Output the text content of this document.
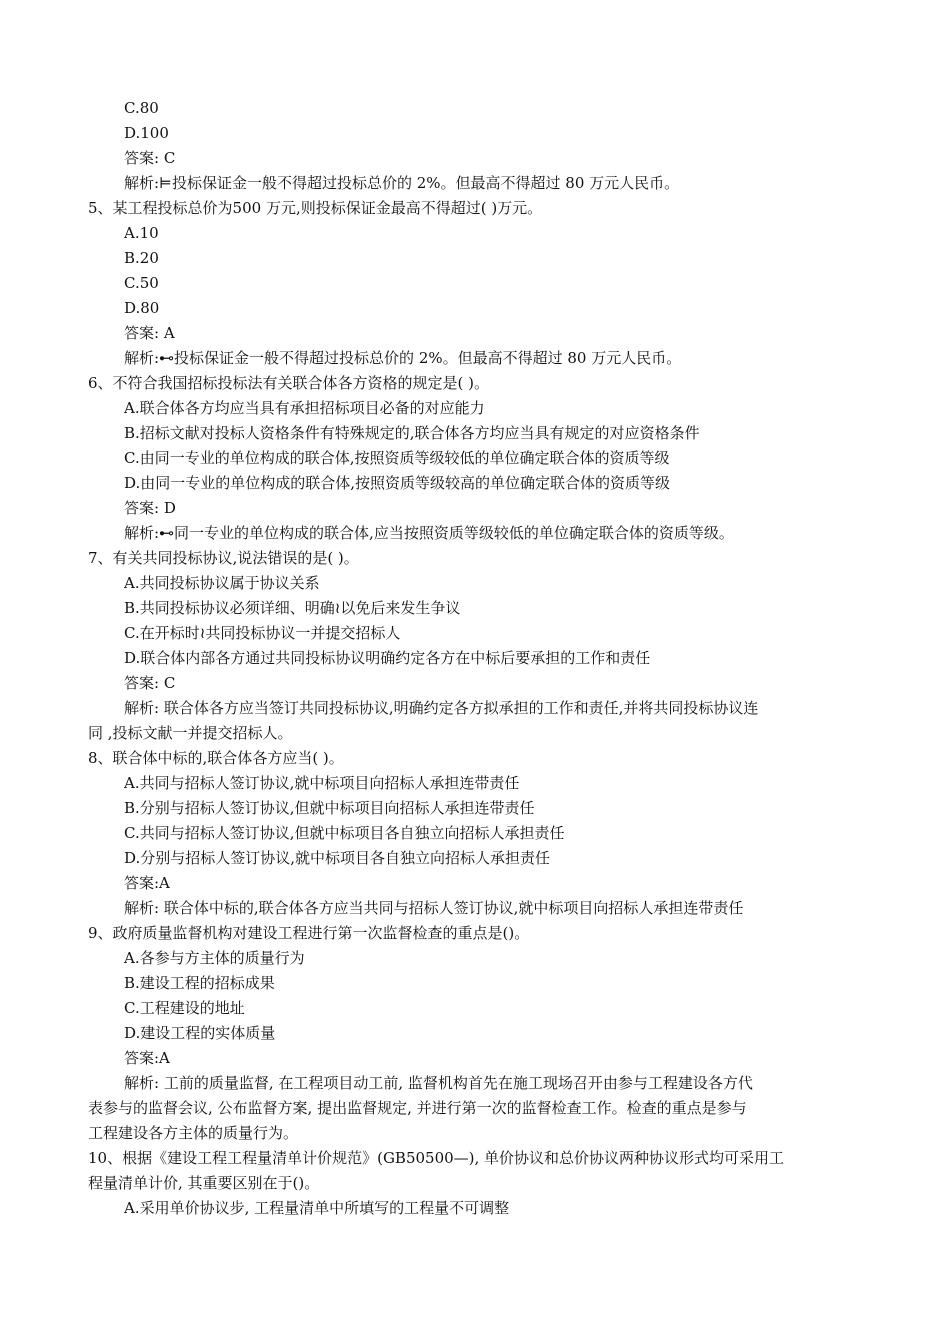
C.80
D.100
答案: C
解析:⊨投标保证金一般不得超过投标总价的 2%。但最高不得超过 80 万元人民币。
5、某工程投标总价为500 万元,则投标保证金最高不得超过( )万元。
A.10
B.20
C.50
D.80
答案: A
解析:⊷投标保证金一般不得超过投标总价的 2%。但最高不得超过 80 万元人民币。
6、不符合我国招标投标法有关联合体各方资格的规定是( )。
A.联合体各方均应当具有承担招标项目必备的对应能力
B.招标文献对投标人资格条件有特殊规定的,联合体各方均应当具有规定的对应资格条件
C.由同一专业的单位构成的联合体,按照资质等级较低的单位确定联合体的资质等级
D.由同一专业的单位构成的联合体,按照资质等级较高的单位确定联合体的资质等级
答案: D
解析:⊷同一专业的单位构成的联合体,应当按照资质等级较低的单位确定联合体的资质等级。
7、有关共同投标协议,说法错误的是( )。
A.共同投标协议属于协议关系
B.共同投标协议必须详细、明确≀以免后来发生争议
C.在开标时≀共同投标协议一并提交招标人
D.联合体内部各方通过共同投标协议明确约定各方在中标后要承担的工作和责任
答案: C
解析: 联合体各方应当签订共同投标协议,明确约定各方拟承担的工作和责任,并将共同投标协议连
同 ,投标文献一并提交招标人。
8、联合体中标的,联合体各方应当( )。
A.共同与招标人签订协议,就中标项目向招标人承担连带责任
B.分别与招标人签订协议,但就中标项目向招标人承担连带责任
C.共同与招标人签订协议,但就中标项目各自独立向招标人承担责任
D.分别与招标人签订协议,就中标项目各自独立向招标人承担责任
答案:A
解析: 联合体中标的,联合体各方应当共同与招标人签订协议,就中标项目向招标人承担连带责任
9、政府质量监督机构对建设工程进行第一次监督检查的重点是()。
A.各参与方主体的质量行为
B.建设工程的招标成果
C.工程建设的地址
D.建设工程的实体质量
答案:A
解析: 工前的质量监督, 在工程项目动工前, 监督机构首先在施工现场召开由参与工程建设各方代
表参与的监督会议, 公布监督方案, 提出监督规定, 并进行第一次的监督检查工作。检查的重点是参与
工程建设各方主体的质量行为。
10、根据《建设工程工程量清单计价规范》(GB50500—), 单价协议和总价协议两种协议形式均可采用工
程量清单计价, 其重要区别在于()。
A.采用单价协议步, 工程量清单中所填写的工程量不可调整
